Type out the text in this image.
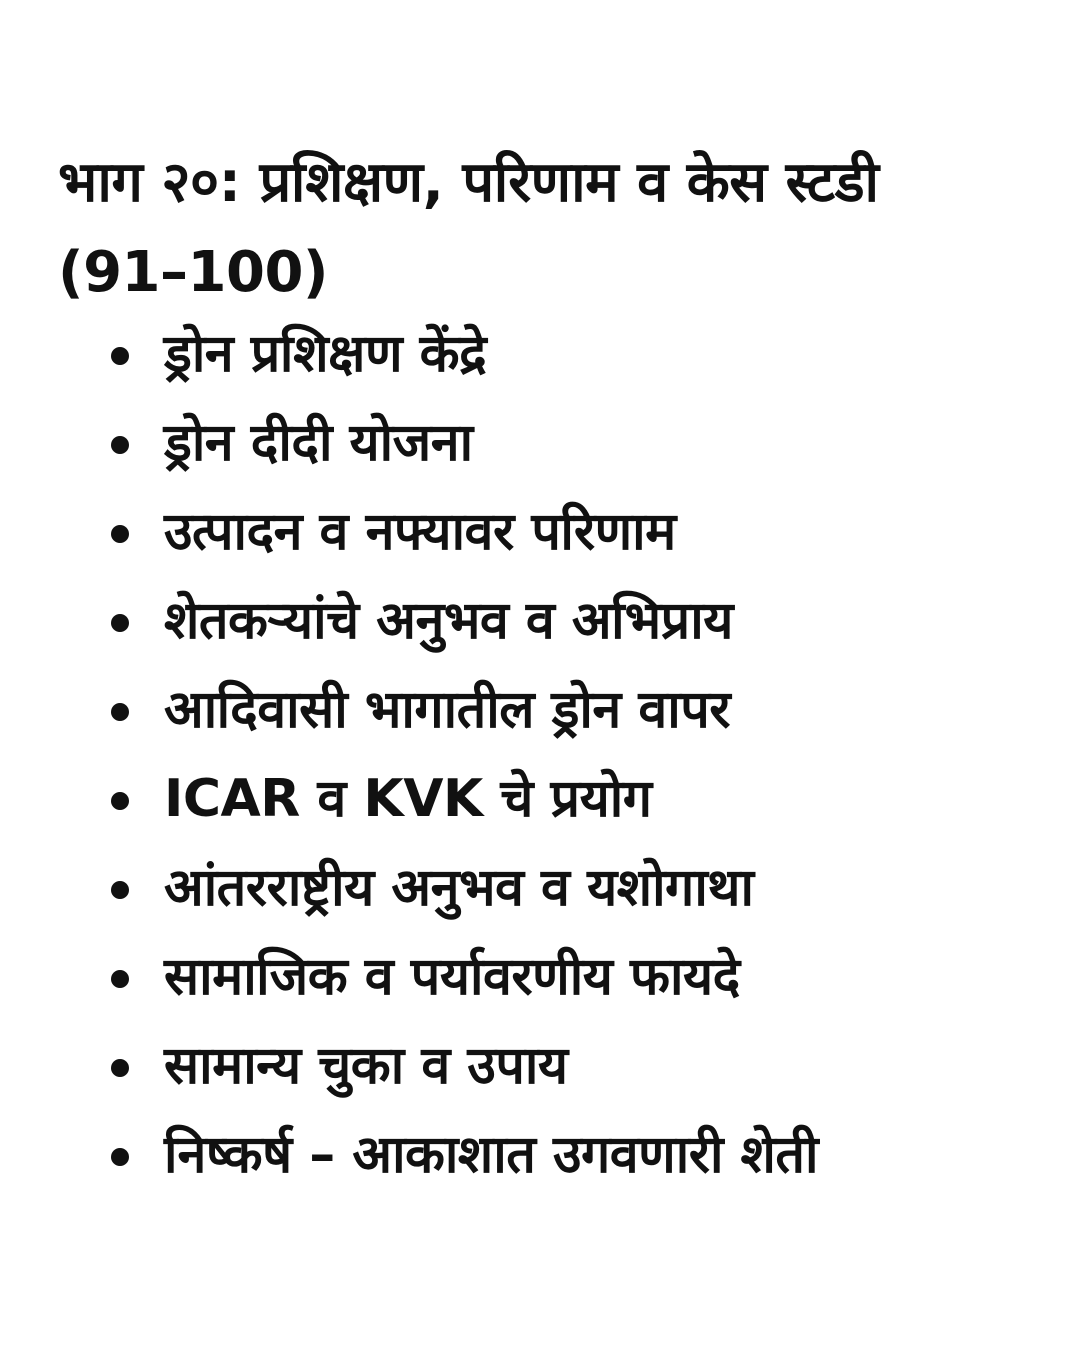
भाग २०: प्रशिक्षण, परिणाम व केस स्टडी
(91–100)
ड्रोन प्रशिक्षण केंद्रे
ड्रोन दीदी योजना
उत्पादन व नफ्यावर परिणाम
शेतकऱ्यांचे अनुभव व अभिप्राय
आदिवासी भागातील ड्रोन वापर
ICAR व KVK चे प्रयोग
आंतरराष्ट्रीय अनुभव व यशोगाथा
सामाजिक व पर्यावरणीय फायदे
सामान्य चुका व उपाय
निष्कर्ष – आकाशात उगवणारी शेती
